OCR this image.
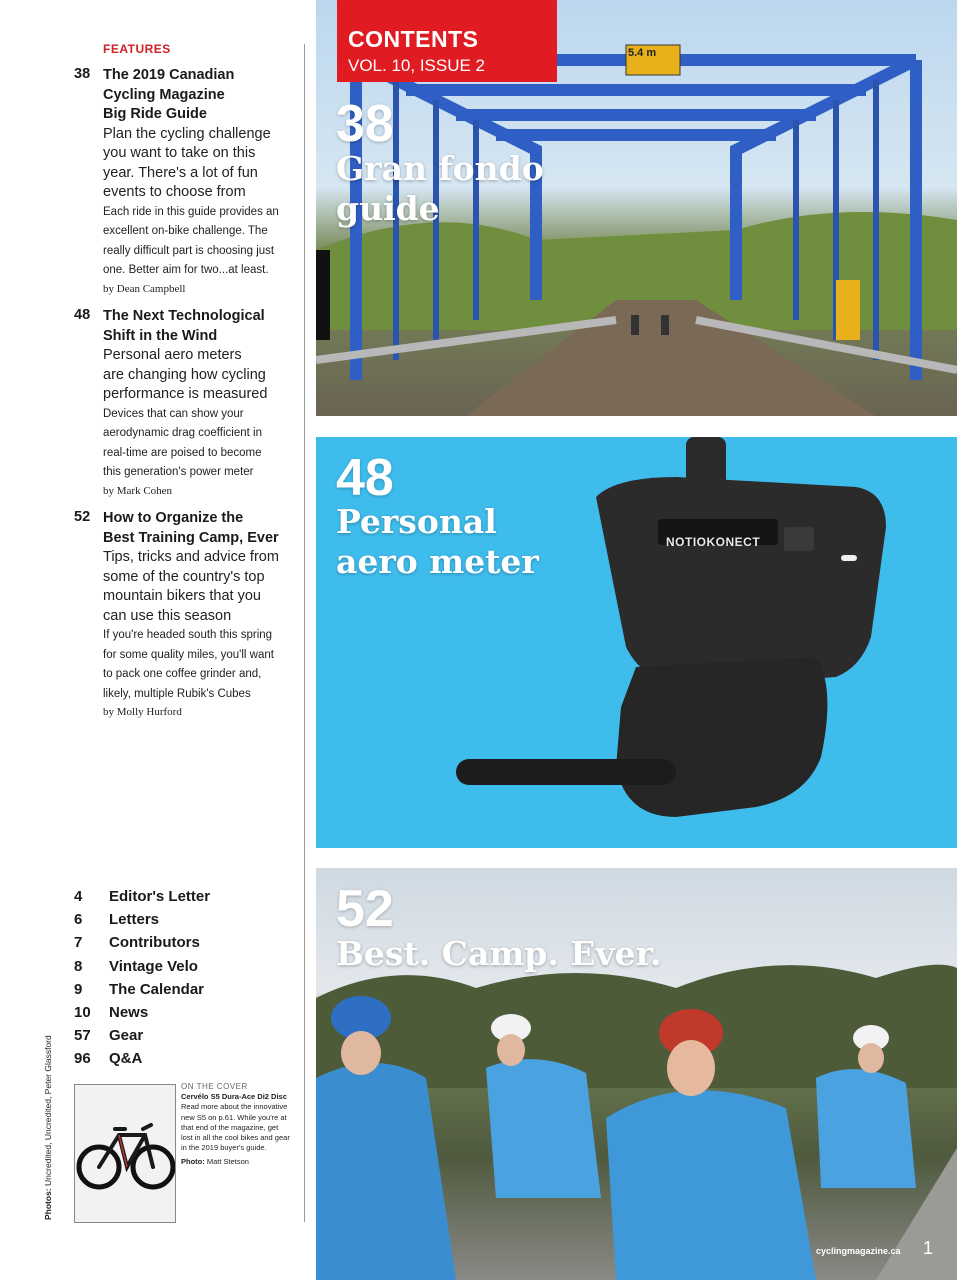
FEATURES
38 The 2019 Canadian
Cycling Magazine
Big Ride Guide
Plan the cycling challenge
you want to take on this
year. There's a lot of fun
events to choose from
Each ride in this guide provides an
excellent on-bike challenge. The
really difficult part is choosing just
one. Better aim for two...at least.
by Dean Campbell
48 The Next Technological
Shift in the Wind
Personal aero meters
are changing how cycling
performance is measured
Devices that can show your
aerodynamic drag coefficient in
real-time are poised to become
this generation's power meter
by Mark Cohen
52 How to Organize the
Best Training Camp, Ever
Tips, tricks and advice from
some of the country's top
mountain bikers that you
can use this season
If you're headed south this spring
for some quality miles, you'll want
to pack one coffee grinder and,
likely, multiple Rubik's Cubes
by Molly Hurford
4	Editor's Letter
6	Letters
7	Contributors
8	Vintage Velo
9	The Calendar
10	News
57	Gear
96	Q&A
Photos: Uncredited, Uncredited, Peter Glassford	ON THE COVER
Cervélo S5 Dura-Ace Di2 Disc
Read more about the innovative
new S5 on p.61. While you're at
that end of the magazine, get
lost in all the cool bikes and gear
in the 2019 buyer's guide.
Photo: Matt Stetson
5.4 m
NOTIOKONECT
CONTENTS
VOL. 10, ISSUE 2
38
Gran fondo
guide
48
Personal
aero meter
52
Best. Camp. Ever.
cyclingmagazine.ca 1
